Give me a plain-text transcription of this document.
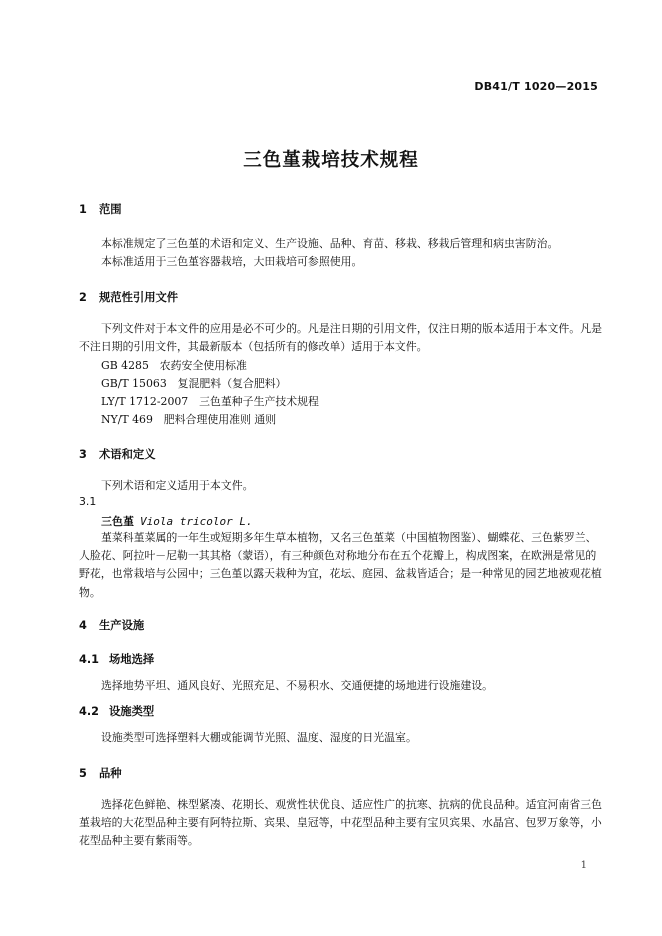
DB41/T 1020—2015
三色堇栽培技术规程
1 范围
本标准规定了三色堇的术语和定义、生产设施、品种、育苗、移栽、移栽后管理和病虫害防治。
本标准适用于三色堇容器栽培，大田栽培可参照使用。
2 规范性引用文件
下列文件对于本文件的应用是必不可少的。凡是注日期的引用文件，仅注日期的版本适用于本文件。凡是不注日期的引用文件，其最新版本（包括所有的修改单）适用于本文件。
GB 4285　农药安全使用标准
GB/T 15063　复混肥料（复合肥料）
LY/T 1712-2007　三色堇种子生产技术规程
NY/T 469　肥料合理使用准则 通则
3 术语和定义
下列术语和定义适用于本文件。
3.1
三色堇 Viola tricolor L.
堇菜科堇菜属的一年生或短期多年生草本植物，又名三色堇菜（中国植物图鉴）、蝴蝶花、三色紫罗兰、人脸花、阿拉叶－尼勒一其其格（蒙语），有三种颜色对称地分布在五个花瓣上，构成图案，在欧洲是常见的野花，也常栽培与公园中；三色堇以露天栽种为宜，花坛、庭园、盆栽皆适合；是一种常见的园艺地被观花植物。
4 生产设施
4.1 场地选择
选择地势平坦、通风良好、光照充足、不易积水、交通便捷的场地进行设施建设。
4.2 设施类型
设施类型可选择塑料大棚或能调节光照、温度、湿度的日光温室。
5 品种
选择花色鲜艳、株型紧凑、花期长、观赏性状优良、适应性广的抗寒、抗病的优良品种。适宜河南省三色堇栽培的大花型品种主要有阿特拉斯、宾果、皇冠等，中花型品种主要有宝贝宾果、水晶宫、包罗万象等，小花型品种主要有紫雨等。
1
